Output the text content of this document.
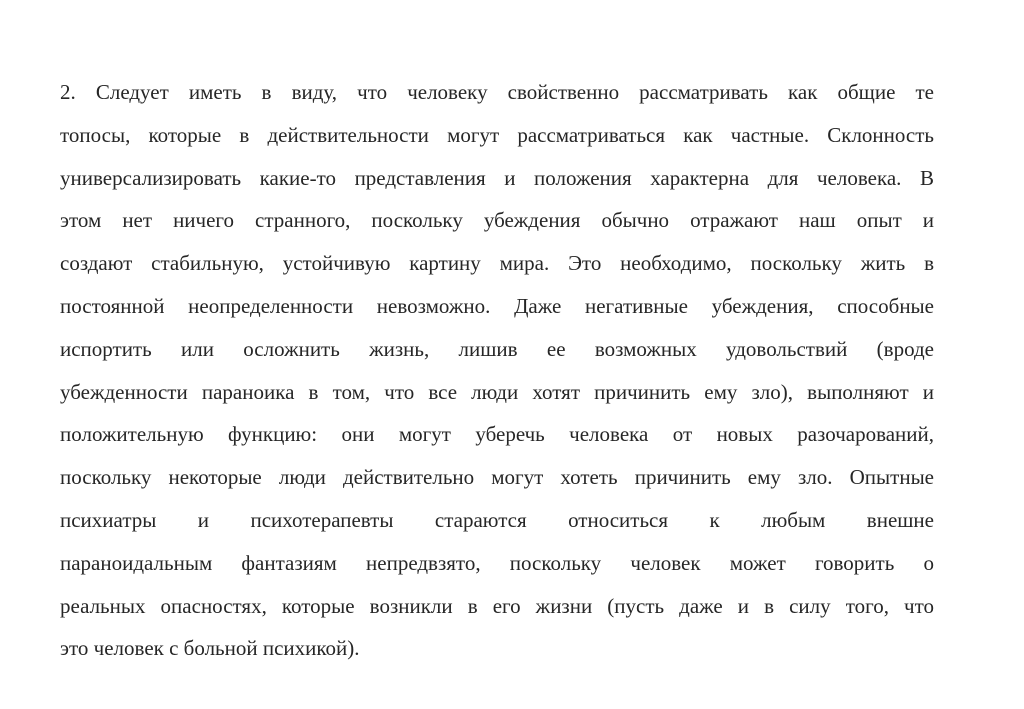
2. Следует иметь в виду, что человеку свойственно рассматривать как общие те
топосы, которые в действительности могут рассматриваться как частные. Склонность
универсализировать какие-то представления и положения характерна для человека. В
этом нет ничего странного, поскольку убеждения обычно отражают наш опыт и
создают стабильную, устойчивую картину мира. Это необходимо, поскольку жить в
постоянной неопределенности невозможно. Даже негативные убеждения, способные
испортить или осложнить жизнь, лишив ее возможных удовольствий (вроде
убежденности параноика в том, что все люди хотят причинить ему зло), выполняют и
положительную функцию: они могут уберечь человека от новых разочарований,
поскольку некоторые люди действительно могут хотеть причинить ему зло. Опытные
психиатры и психотерапевты стараются относиться к любым внешне
параноидальным фантазиям непредвзято, поскольку человек может говорить о
реальных опасностях, которые возникли в его жизни (пусть даже и в силу того, что
это человек с больной психикой).
